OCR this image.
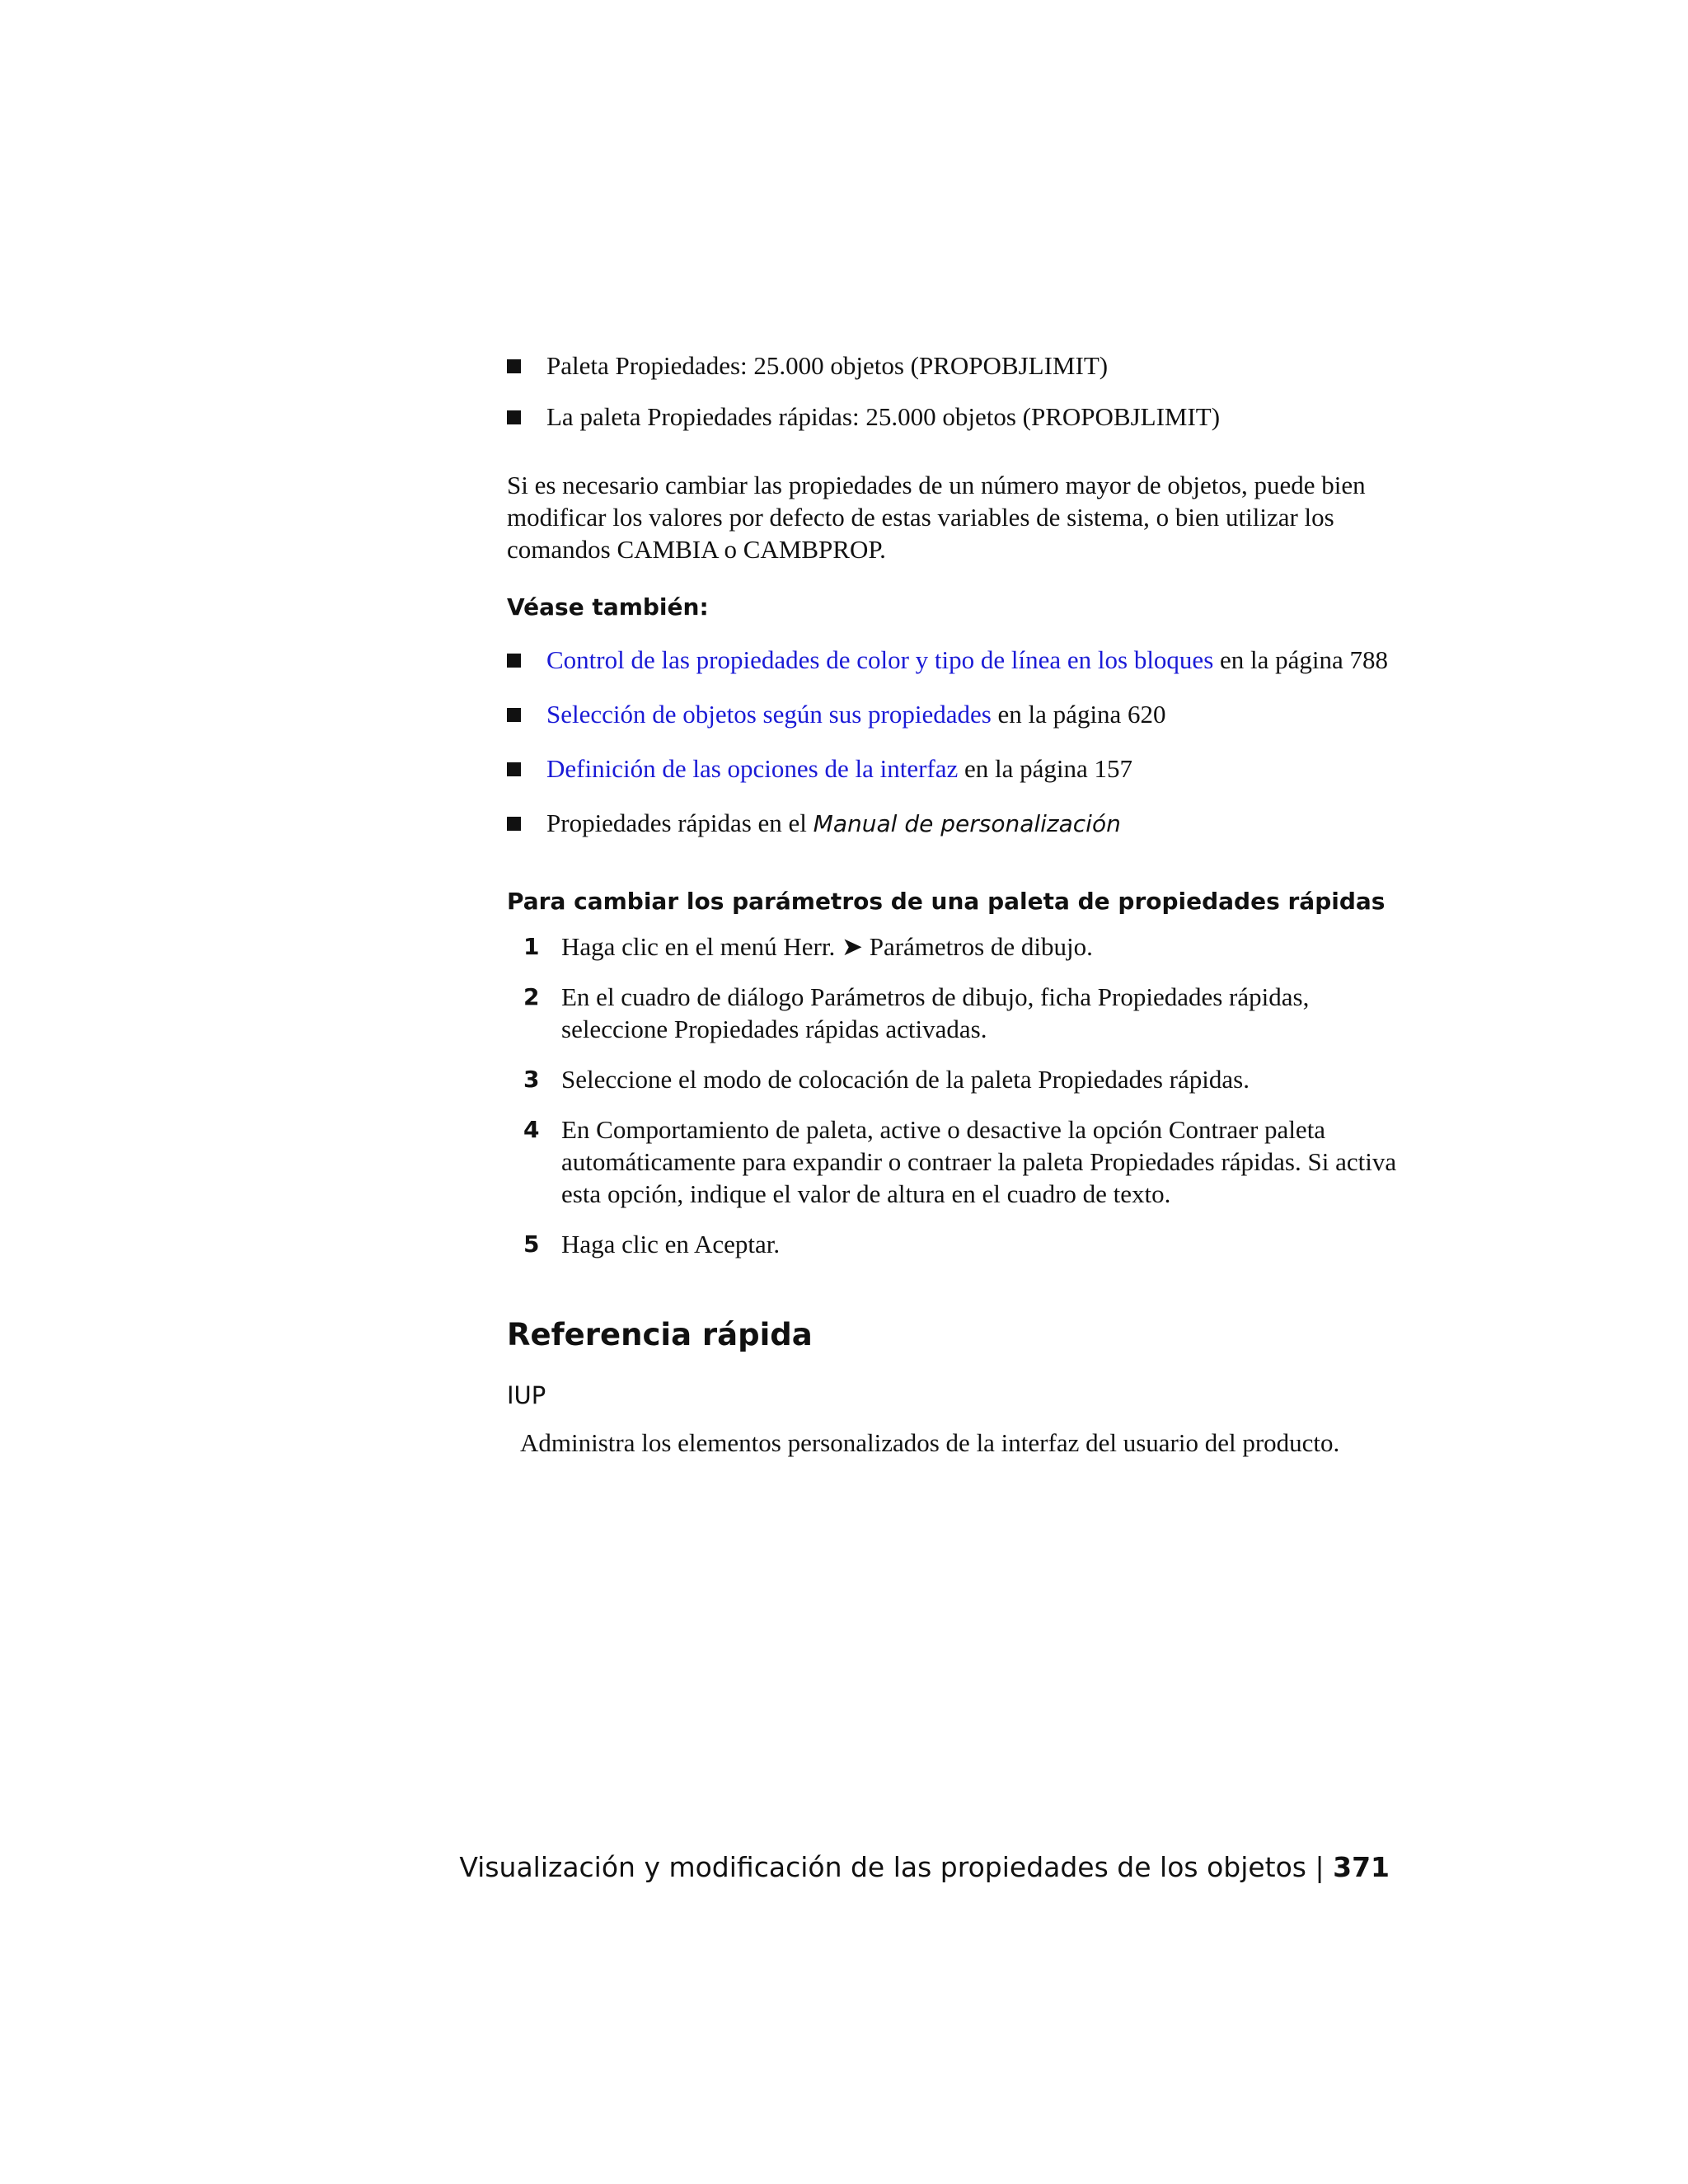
Paleta Propiedades: 25.000 objetos (PROPOBJLIMIT)
La paleta Propiedades rápidas: 25.000 objetos (PROPOBJLIMIT)

Si es necesario cambiar las propiedades de un número mayor de objetos, puede bien modificar los valores por defecto de estas variables de sistema, o bien utilizar los comandos CAMBIA o CAMBPROP.

Véase también:
Control de las propiedades de color y tipo de línea en los bloques en la página 788
Selección de objetos según sus propiedades en la página 620
Definición de las opciones de la interfaz en la página 157
Propiedades rápidas en el Manual de personalización
Para cambiar los parámetros de una paleta de propiedades rápidas
1 Haga clic en el menú Herr. ➤ Parámetros de dibujo.
2 En el cuadro de diálogo Parámetros de dibujo, ficha Propiedades rápidas, seleccione Propiedades rápidas activadas.
3 Seleccione el modo de colocación de la paleta Propiedades rápidas.
4 En Comportamiento de paleta, active o desactive la opción Contraer paleta automáticamente para expandir o contraer la paleta Propiedades rápidas. Si activa esta opción, indique el valor de altura en el cuadro de texto.
5 Haga clic en Aceptar.
Referencia rápida
IUP

Administra los elementos personalizados de la interfaz del usuario del producto.

Visualización y modificación de las propiedades de los objetos | 371
